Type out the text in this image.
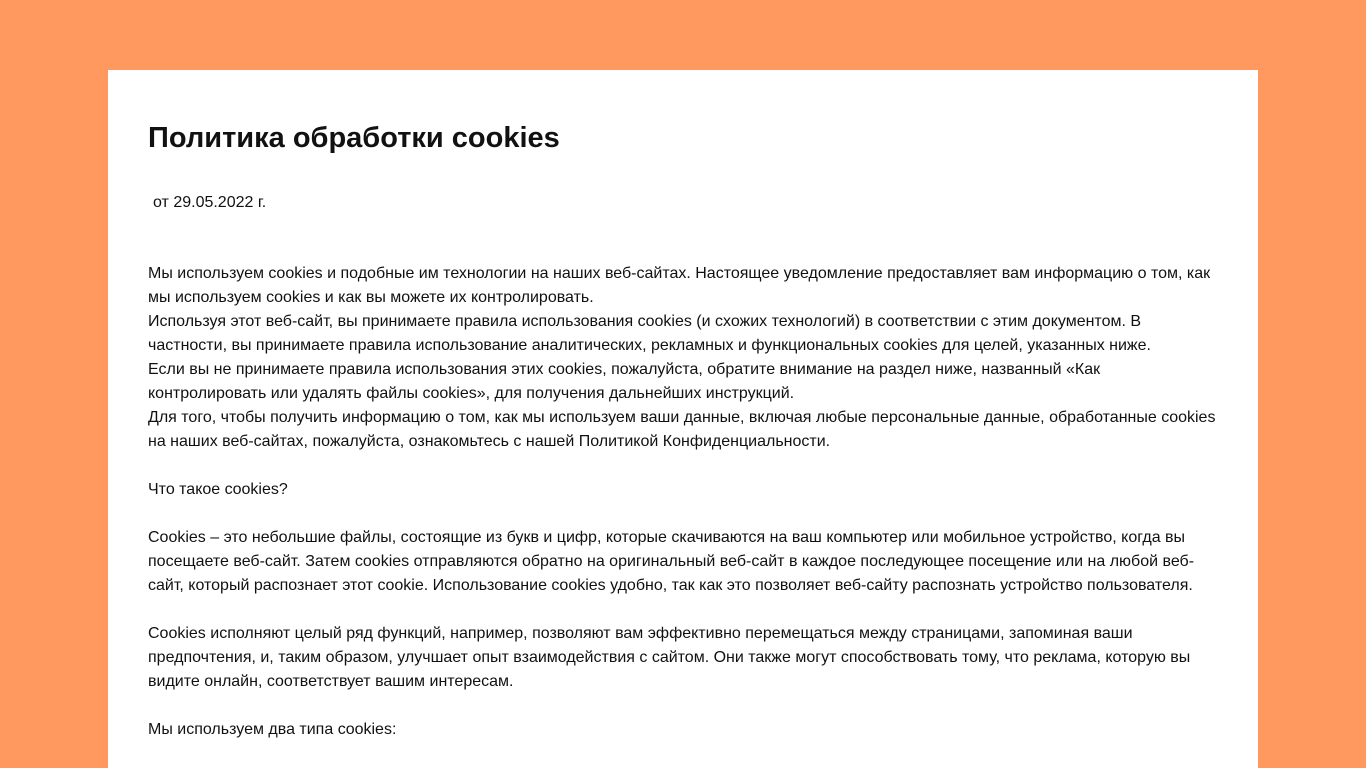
Политика обработки cookies
от 29.05.2022 г.

Мы используем cookies и подобные им технологии на наших веб-сайтах. Настоящее уведомление предоставляет вам информацию о том, как мы используем cookies и как вы можете их контролировать.

Используя этот веб-сайт, вы принимаете правила использования cookies (и схожих технологий) в соответствии с этим документом. В частности, вы принимаете правила использование аналитических, рекламных и функциональных cookies для целей, указанных ниже.

Если вы не принимаете правила использования этих cookies, пожалуйста, обратите внимание на раздел ниже, названный «Как контролировать или удалять файлы cookies», для получения дальнейших инструкций.

Для того, чтобы получить информацию о том, как мы используем ваши данные, включая любые персональные данные, обработанные cookies на наших веб-сайтах, пожалуйста, ознакомьтесь с нашей Политикой Конфиденциальности.

Что такое cookies?

Cookies – это небольшие файлы, состоящие из букв и цифр, которые скачиваются на ваш компьютер или мобильное устройство, когда вы посещаете веб-сайт. Затем cookies отправляются обратно на оригинальный веб-сайт в каждое последующее посещение или на любой веб-сайт, который распознает этот cookie. Использование cookies удобно, так как это позволяет веб-сайту распознать устройство пользователя.

Cookies исполняют целый ряд функций, например, позволяют вам эффективно перемещаться между страницами, запоминая ваши предпочтения, и, таким образом, улучшает опыт взаимодействия с сайтом. Они также могут способствовать тому, что реклама, которую вы видите онлайн, соответствует вашим интересам.

Мы используем два типа cookies:
